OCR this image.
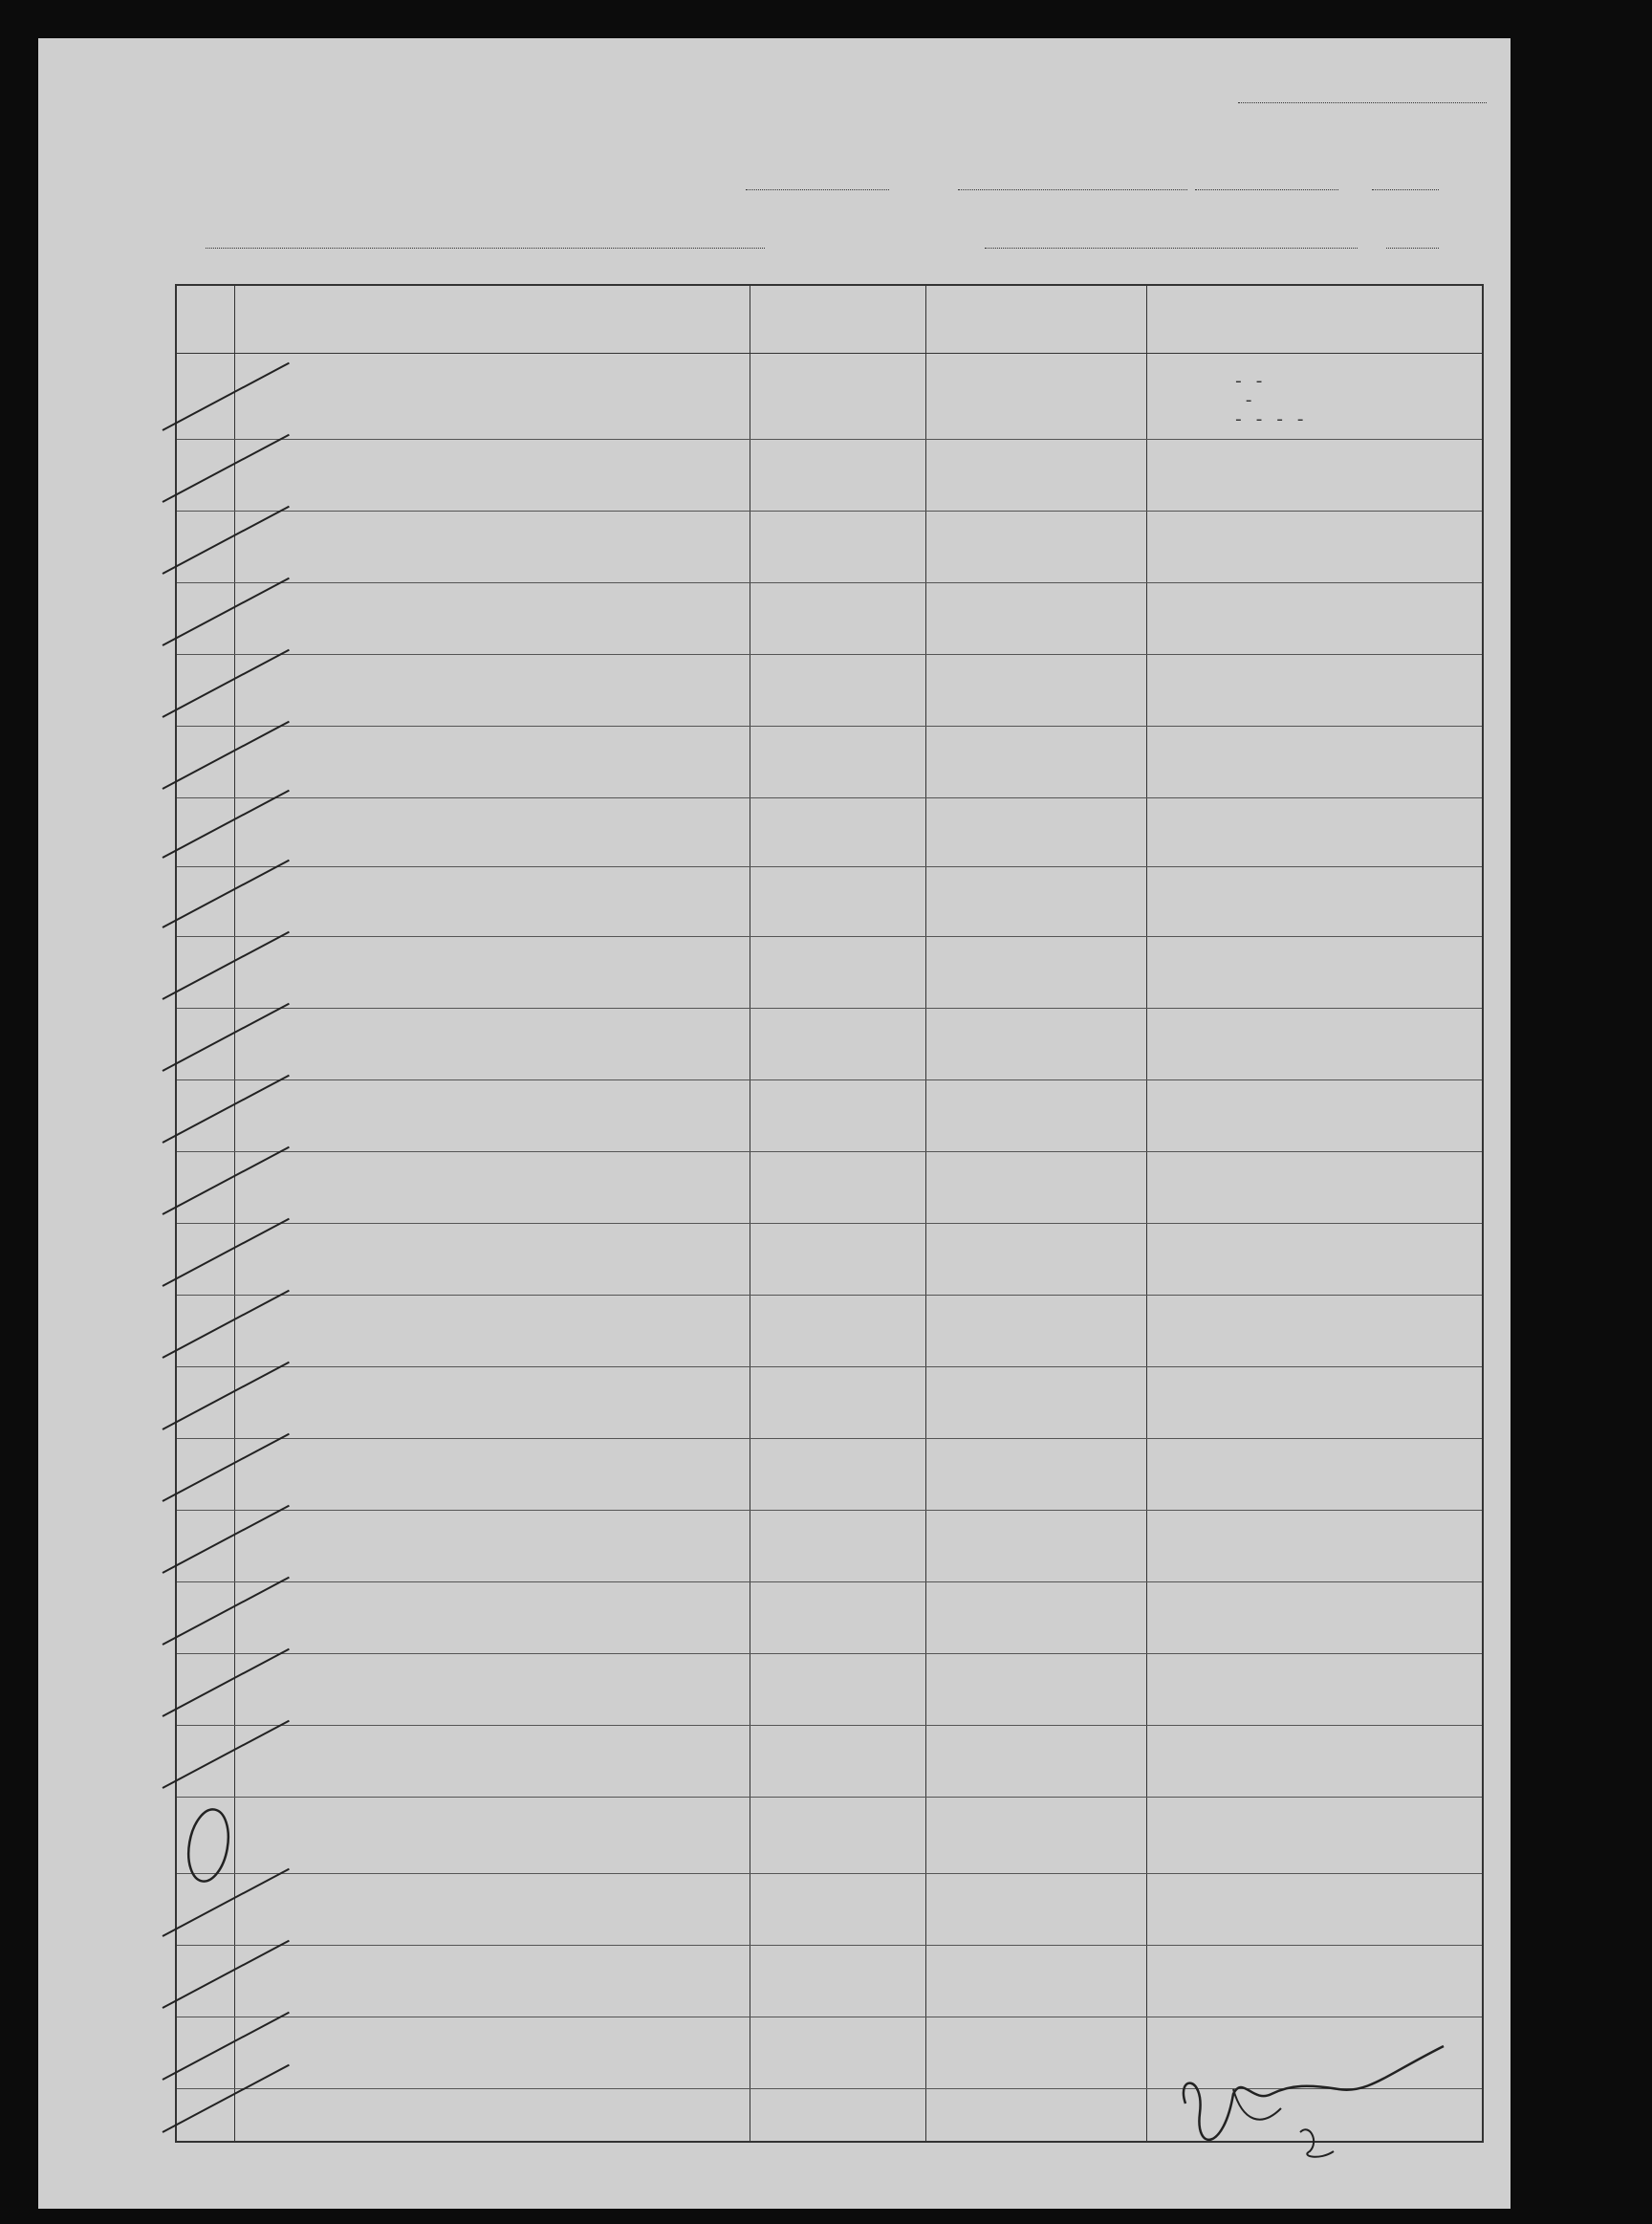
- -
-
- - - -
